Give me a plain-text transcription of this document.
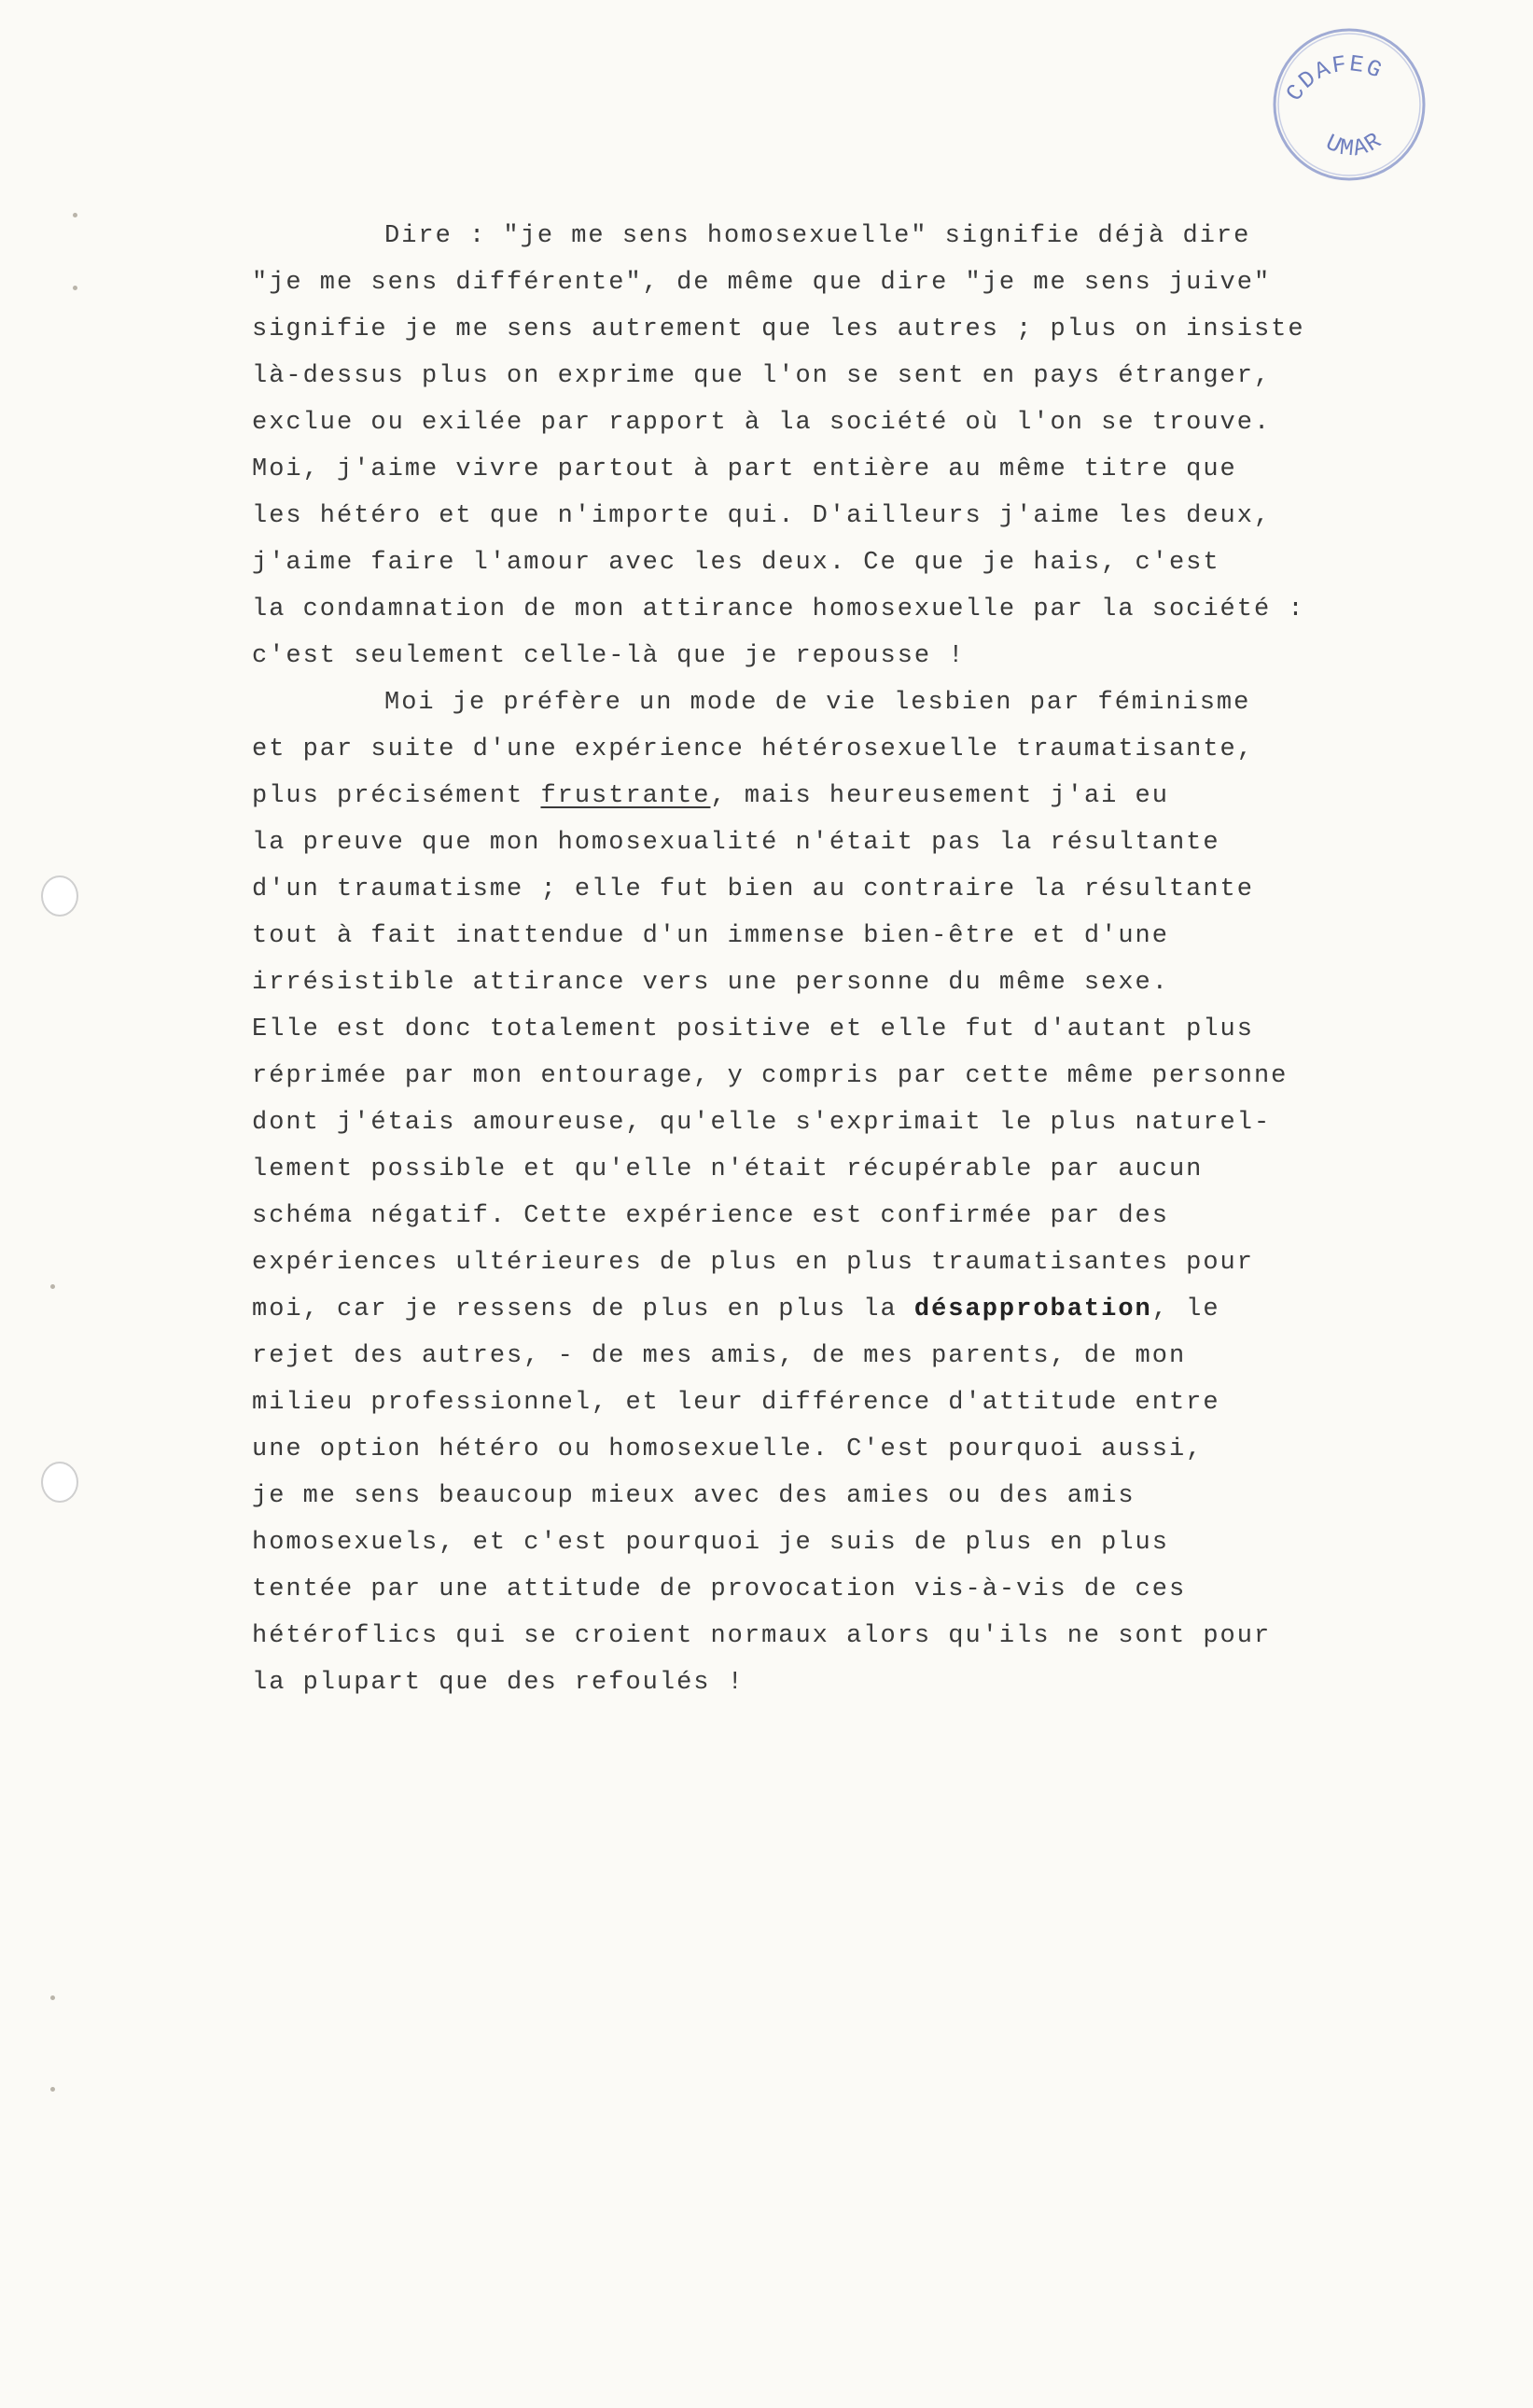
CDAFEG
UMAR
Dire : "je me sens homosexuelle" signifie déjà dire
"je me sens différente", de même que dire "je me sens juive"
signifie je me sens autrement que les autres ; plus on insiste
là-dessus plus on exprime que l'on se sent en pays étranger,
exclue ou exilée par rapport à la société où l'on se trouve.
Moi, j'aime vivre partout à part entière au même titre que
les hétéro et que n'importe qui. D'ailleurs j'aime les deux,
j'aime faire l'amour avec les deux. Ce que je hais, c'est
la condamnation de mon attirance homosexuelle par la société :
c'est seulement celle-là que je repousse !
Moi je préfère un mode de vie lesbien par féminisme
et par suite d'une expérience hétérosexuelle traumatisante,
plus précisément frustrante, mais heureusement j'ai eu
la preuve que mon homosexualité n'était pas la résultante
d'un traumatisme ; elle fut bien au contraire la résultante
tout à fait inattendue d'un immense bien-être et d'une
irrésistible attirance vers une personne du même sexe.
Elle est donc totalement positive et elle fut d'autant plus
réprimée par mon entourage, y compris par cette même personne
dont j'étais amoureuse, qu'elle s'exprimait le plus naturel-
lement possible et qu'elle n'était récupérable par aucun
schéma négatif. Cette expérience est confirmée par des
expériences ultérieures de plus en plus traumatisantes pour
moi, car je ressens de plus en plus la désapprobation, le
rejet des autres, - de mes amis, de mes parents, de mon
milieu professionnel, et leur différence d'attitude entre
une option hétéro ou homosexuelle. C'est pourquoi aussi,
je me sens beaucoup mieux avec des amies ou des amis
homosexuels, et c'est pourquoi je suis de plus en plus
tentée par une attitude de provocation vis-à-vis de ces
hétéroflics qui se croient normaux alors qu'ils ne sont pour
la plupart que des refoulés !
